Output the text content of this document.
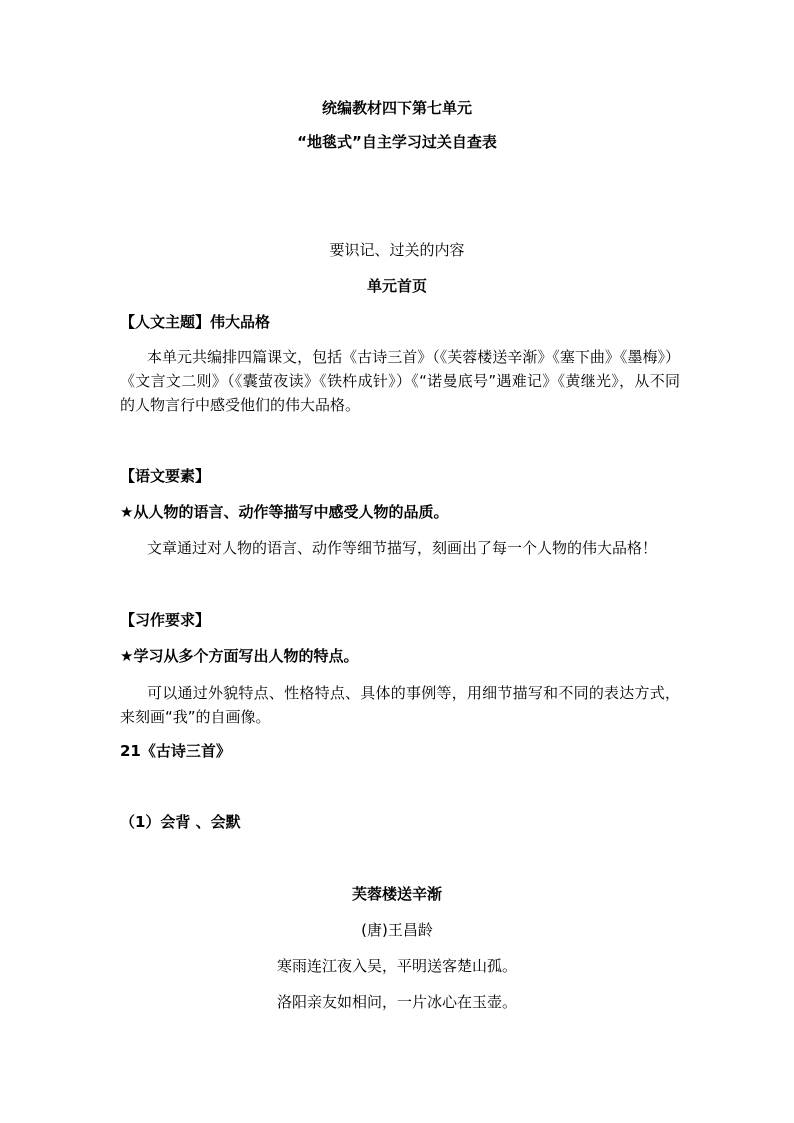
统编教材四下第七单元
“地毯式”自主学习过关自查表
要识记、过关的内容
单元首页
【人文主题】伟大品格
本单元共编排四篇课文，包括《古诗三首》（《芙蓉楼送辛渐》《塞下曲》《墨梅》）《文言文二则》（《囊萤夜读》《铁杵成针》）《“诺曼底号”遇难记》《黄继光》，从不同的人物言行中感受他们的伟大品格。
【语文要素】
★从人物的语言、动作等描写中感受人物的品质。
文章通过对人物的语言、动作等细节描写，刻画出了每一个人物的伟大品格！
【习作要求】
★学习从多个方面写出人物的特点。
可以通过外貌特点、性格特点、具体的事例等，用细节描写和不同的表达方式， 来刻画“我”的自画像。
21《古诗三首》
（1）会背 、会默
芙蓉楼送辛渐
(唐)王昌龄
寒雨连江夜入吴，平明送客楚山孤。
洛阳亲友如相问，一片冰心在玉壶。
